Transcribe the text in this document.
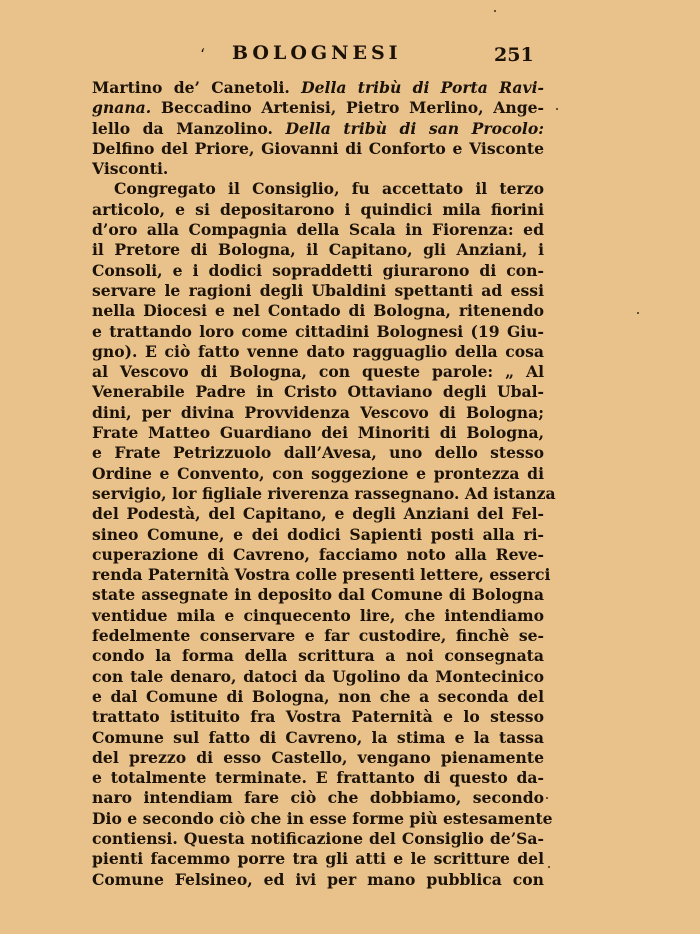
‘ BOLOGNESI	251
Martino de’ Canetoli. Della tribù di Porta Ravi-
gnana. Beccadino Artenisi, Pietro Merlino, Ange-
lello da Manzolino. Della tribù di san Procolo:
Delfino del Priore, Giovanni di Conforto e Visconte
Visconti.
Congregato il Consiglio, fu accettato il terzo
articolo, e si depositarono i quindici mila fiorini
d’oro alla Compagnia della Scala in Fiorenza: ed
il Pretore di Bologna, il Capitano, gli Anziani, i
Consoli, e i dodici sopraddetti giurarono di con-
servare le ragioni degli Ubaldini spettanti ad essi
nella Diocesi e nel Contado di Bologna, ritenendo
e trattando loro come cittadini Bolognesi (19 Giu-
gno). E ciò fatto venne dato ragguaglio della cosa
al Vescovo di Bologna, con queste parole: „ Al
Venerabile Padre in Cristo Ottaviano degli Ubal-
dini, per divina Provvidenza Vescovo di Bologna;
Frate Matteo Guardiano dei Minoriti di Bologna,
e Frate Petrizzuolo dall’Avesa, uno dello stesso
Ordine e Convento, con soggezione e prontezza di
servigio, lor figliale riverenza rassegnano. Ad istanza
del Podestà, del Capitano, e degli Anziani del Fel-
sineo Comune, e dei dodici Sapienti posti alla ri-
cuperazione di Cavreno, facciamo noto alla Reve-
renda Paternità Vostra colle presenti lettere, esserci
state assegnate in deposito dal Comune di Bologna
ventidue mila e cinquecento lire, che intendiamo
fedelmente conservare e far custodire, finchè se-
condo la forma della scrittura a noi consegnata
con tale denaro, datoci da Ugolino da Montecinico
e dal Comune di Bologna, non che a seconda del
trattato istituito fra Vostra Paternità e lo stesso
Comune sul fatto di Cavreno, la stima e la tassa
del prezzo di esso Castello, vengano pienamente
e totalmente terminate. E frattanto di questo da-
naro intendiam fare ciò che dobbiamo, secondo
Dio e secondo ciò che in esse forme più estesamente
contiensi. Questa notificazione del Consiglio de’Sa-
pienti facemmo porre tra gli atti e le scritture del
Comune Felsineo, ed ivi per mano pubblica con
